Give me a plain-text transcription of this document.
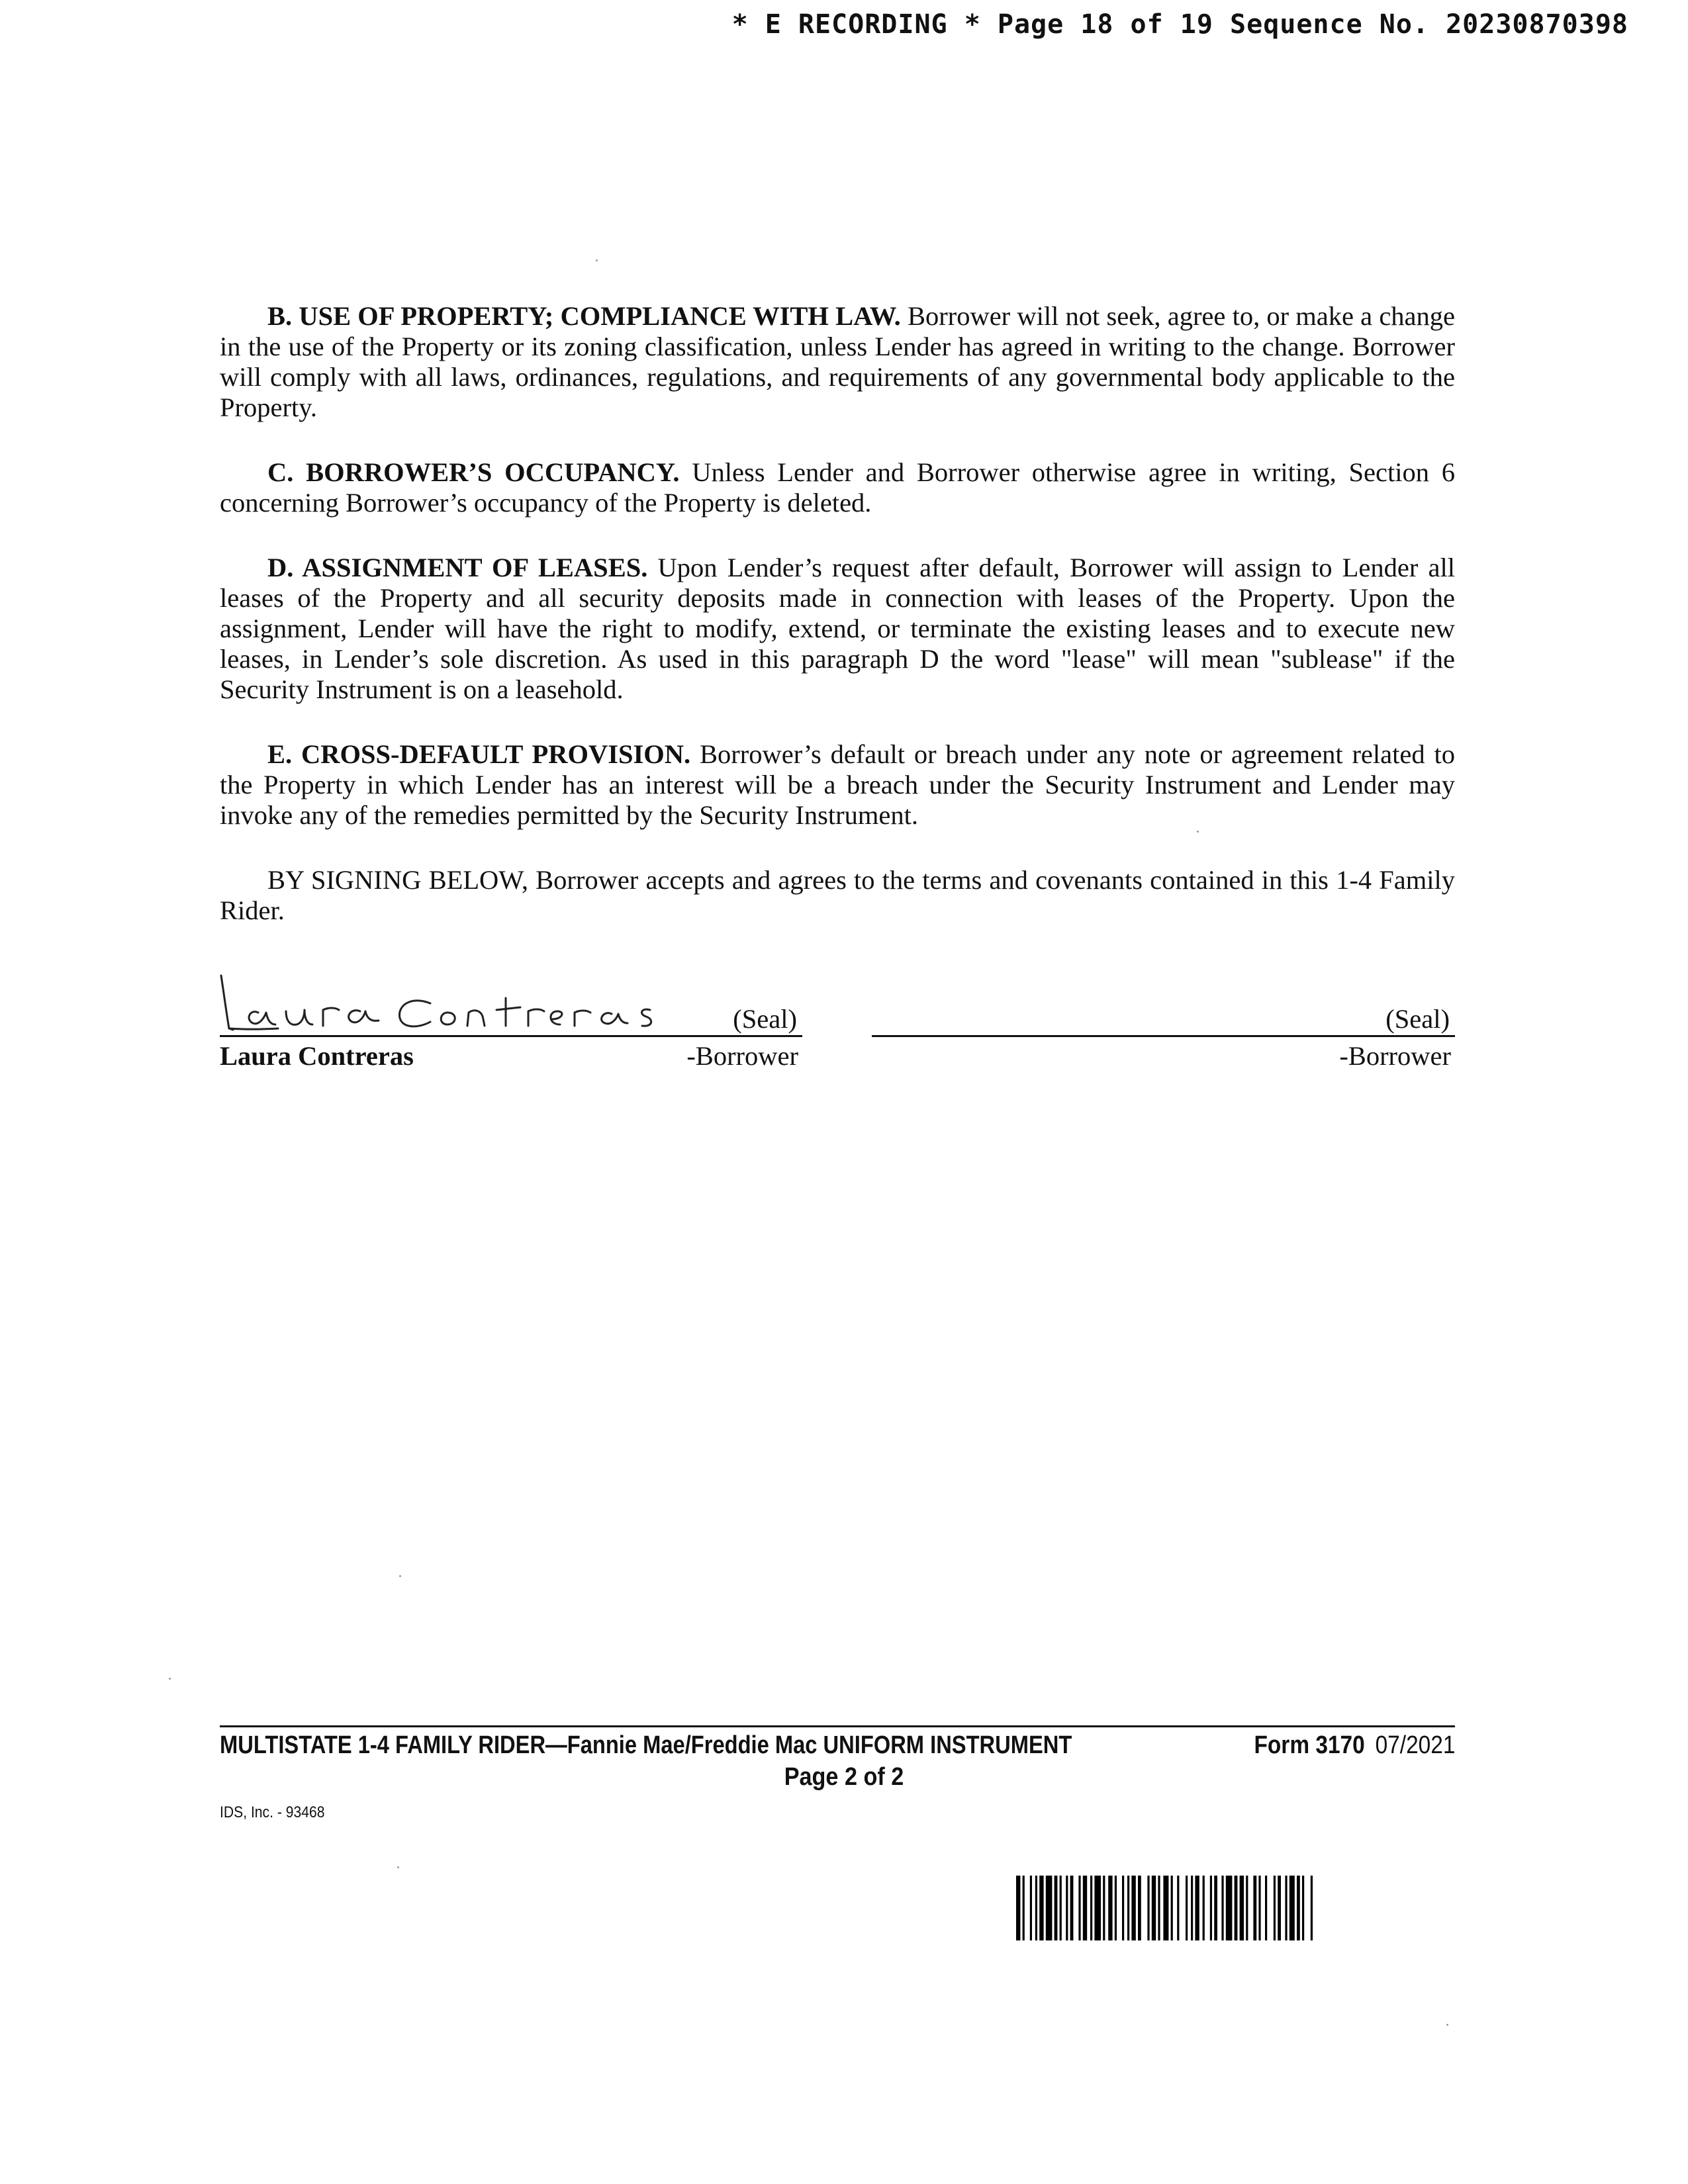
* E RECORDING * Page 18 of 19 Sequence No. 20230870398

B. USE OF PROPERTY; COMPLIANCE WITH LAW. Borrower will not seek, agree to, or make a change in the use of the Property or its zoning classification, unless Lender has agreed in writing to the change. Borrower will comply with all laws, ordinances, regulations, and requirements of any governmental body applicable to the Property.

C. BORROWER’S OCCUPANCY. Unless Lender and Borrower otherwise agree in writing, Section 6 concerning Borrower’s occupancy of the Property is deleted.

D. ASSIGNMENT OF LEASES. Upon Lender’s request after default, Borrower will assign to Lender all leases of the Property and all security deposits made in connection with leases of the Property. Upon the assignment, Lender will have the right to modify, extend, or terminate the existing leases and to execute new leases, in Lender’s sole discretion. As used in this paragraph D the word "lease" will mean "sublease" if the Security Instrument is on a leasehold.

E. CROSS-DEFAULT PROVISION. Borrower’s default or breach under any note or agreement related to the Property in which Lender has an interest will be a breach under the Security Instrument and Lender may invoke any of the remedies permitted by the Security Instrument.

BY SIGNING BELOW, Borrower accepts and agrees to the terms and covenants contained in this 1-4 Family Rider.

(Seal)
Laura Contreras	-Borrower
(Seal)
-Borrower
MULTISTATE 1-4 FAMILY RIDER—Fannie Mae/Freddie Mac UNIFORM INSTRUMENT	Form 3170 07/2021
Page 2 of 2
IDS, Inc. - 93468
